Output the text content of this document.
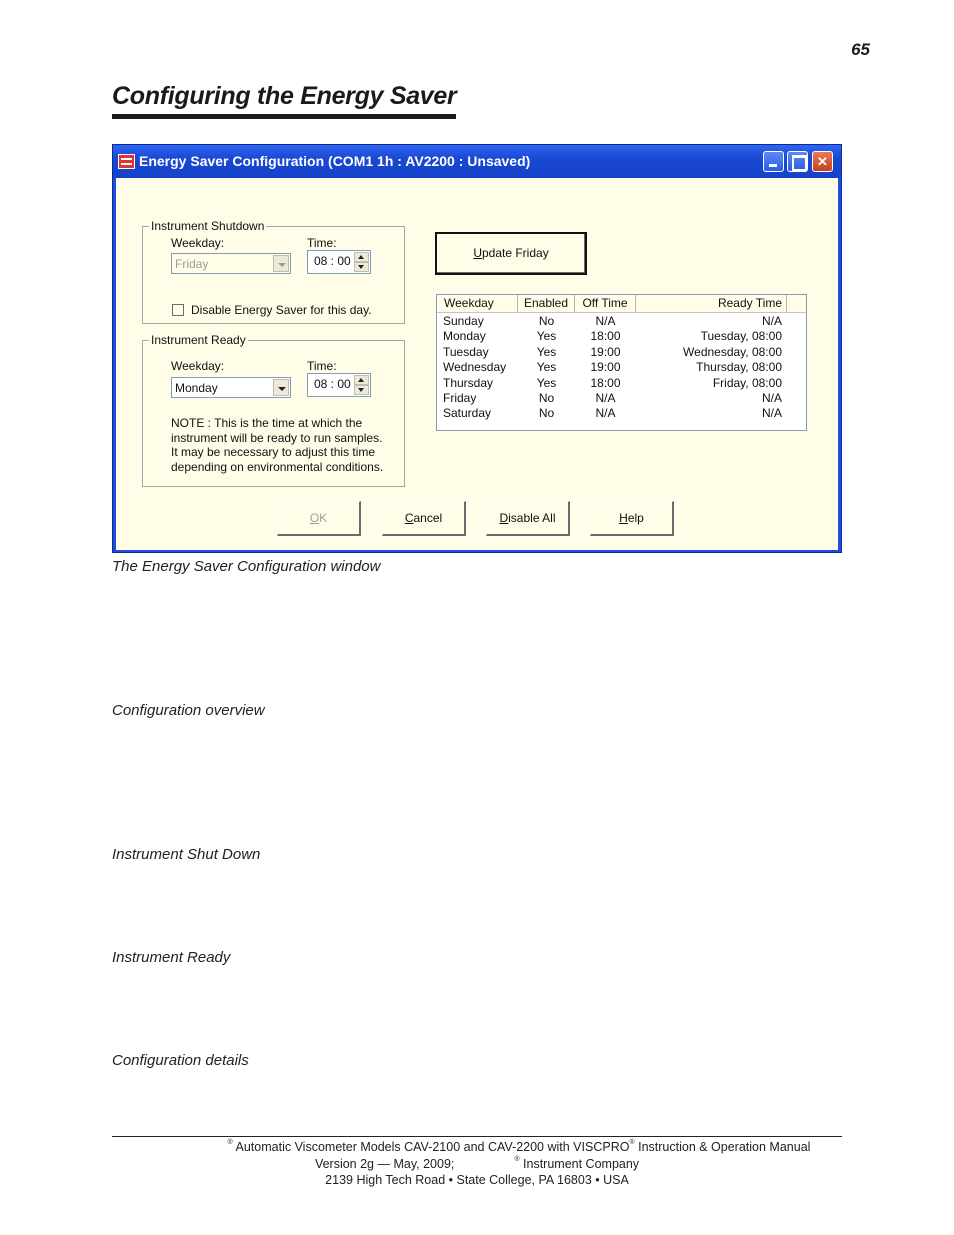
65
Configuring the Energy Saver
Energy Saver Configuration (COM1 1h : AV2200 : Unsaved)	✕
Instrument Shutdown
Weekday:
Friday
Time:
08 : 00
Disable Energy Saver for this day.
Instrument Ready
Weekday:
Monday
Time:
08 : 00
NOTE : This is the time at which the
instrument will be ready to run samples.
It may be necessary to adjust this time
depending on environmental conditions.
Update Friday
Weekday	Enabled	Off Time	Ready Time
Sunday	No	N/A	N/A
Monday	Yes	18:00	Tuesday, 08:00
Tuesday	Yes	19:00	Wednesday, 08:00
Wednesday	Yes	19:00	Thursday, 08:00
Thursday	Yes	18:00	Friday, 08:00
Friday	No	N/A	N/A
Saturday	No	N/A	N/A
OK	Cancel	Disable All	Help
The Energy Saver Configuration window
Configuration overview
Instrument Shut Down
Instrument Ready
Configuration details
® Automatic Viscometer Models CAV-2100 and CAV-2200 with VISCPRO® Instruction & Operation Manual
Version 2g — May, 2009;	® Instrument Company
2139 High Tech Road • State College, PA 16803 • USA
